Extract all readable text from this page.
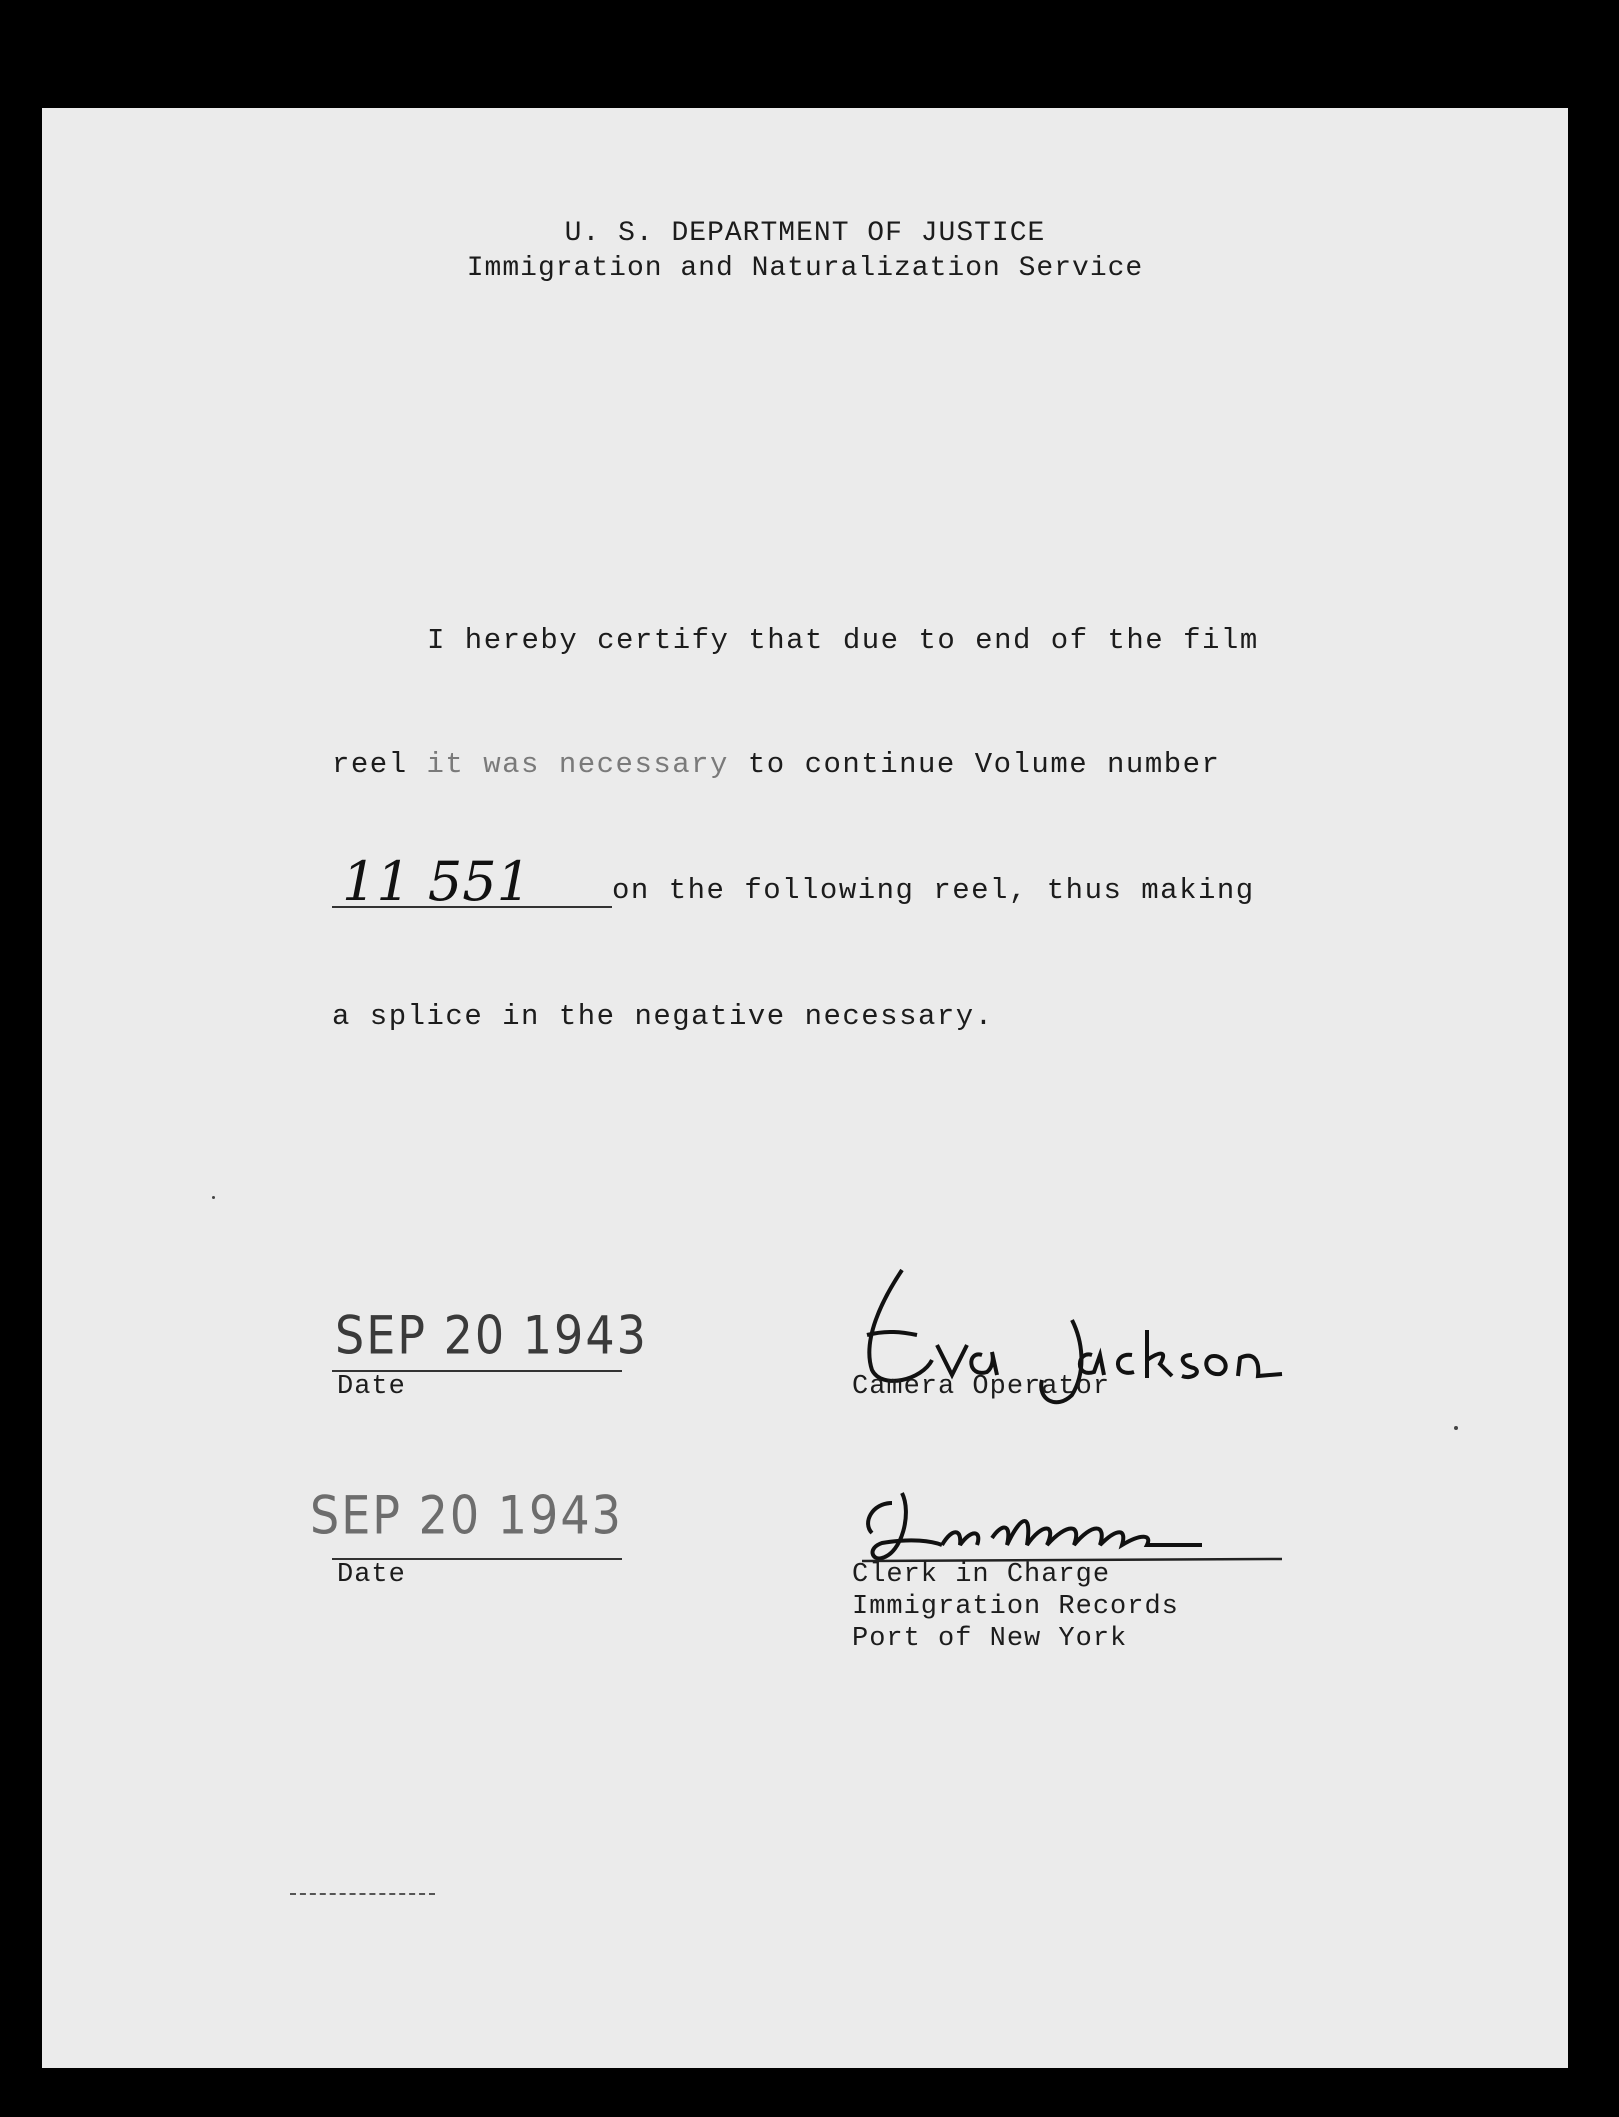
U. S. DEPARTMENT OF JUSTICE
Immigration and Naturalization Service
I hereby certify that due to end of the film
reel it was necessary to continue Volume number
11 551	on the following reel, thus making
a splice in the negative necessary.
SEP 20 1943
Date	Camera Operator
SEP 20 1943
Date	Clerk in Charge
Immigration Records
Port of New York
